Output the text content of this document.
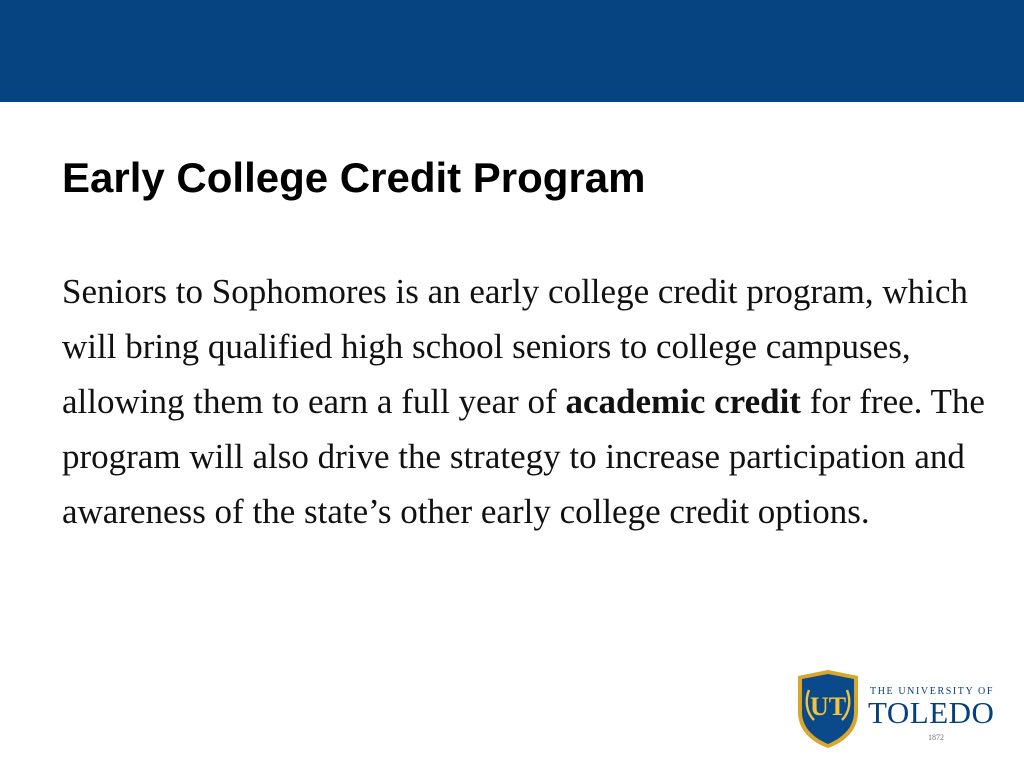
Early College Credit Program

Seniors to Sophomores is an early college credit program, which will bring qualified high school seniors to college campuses, allowing them to earn a full year of academic credit for free. The program will also drive the strategy to increase participation and awareness of the state’s other early college credit options.

UT
THE UNIVERSITY OF
TOLEDO
1872
